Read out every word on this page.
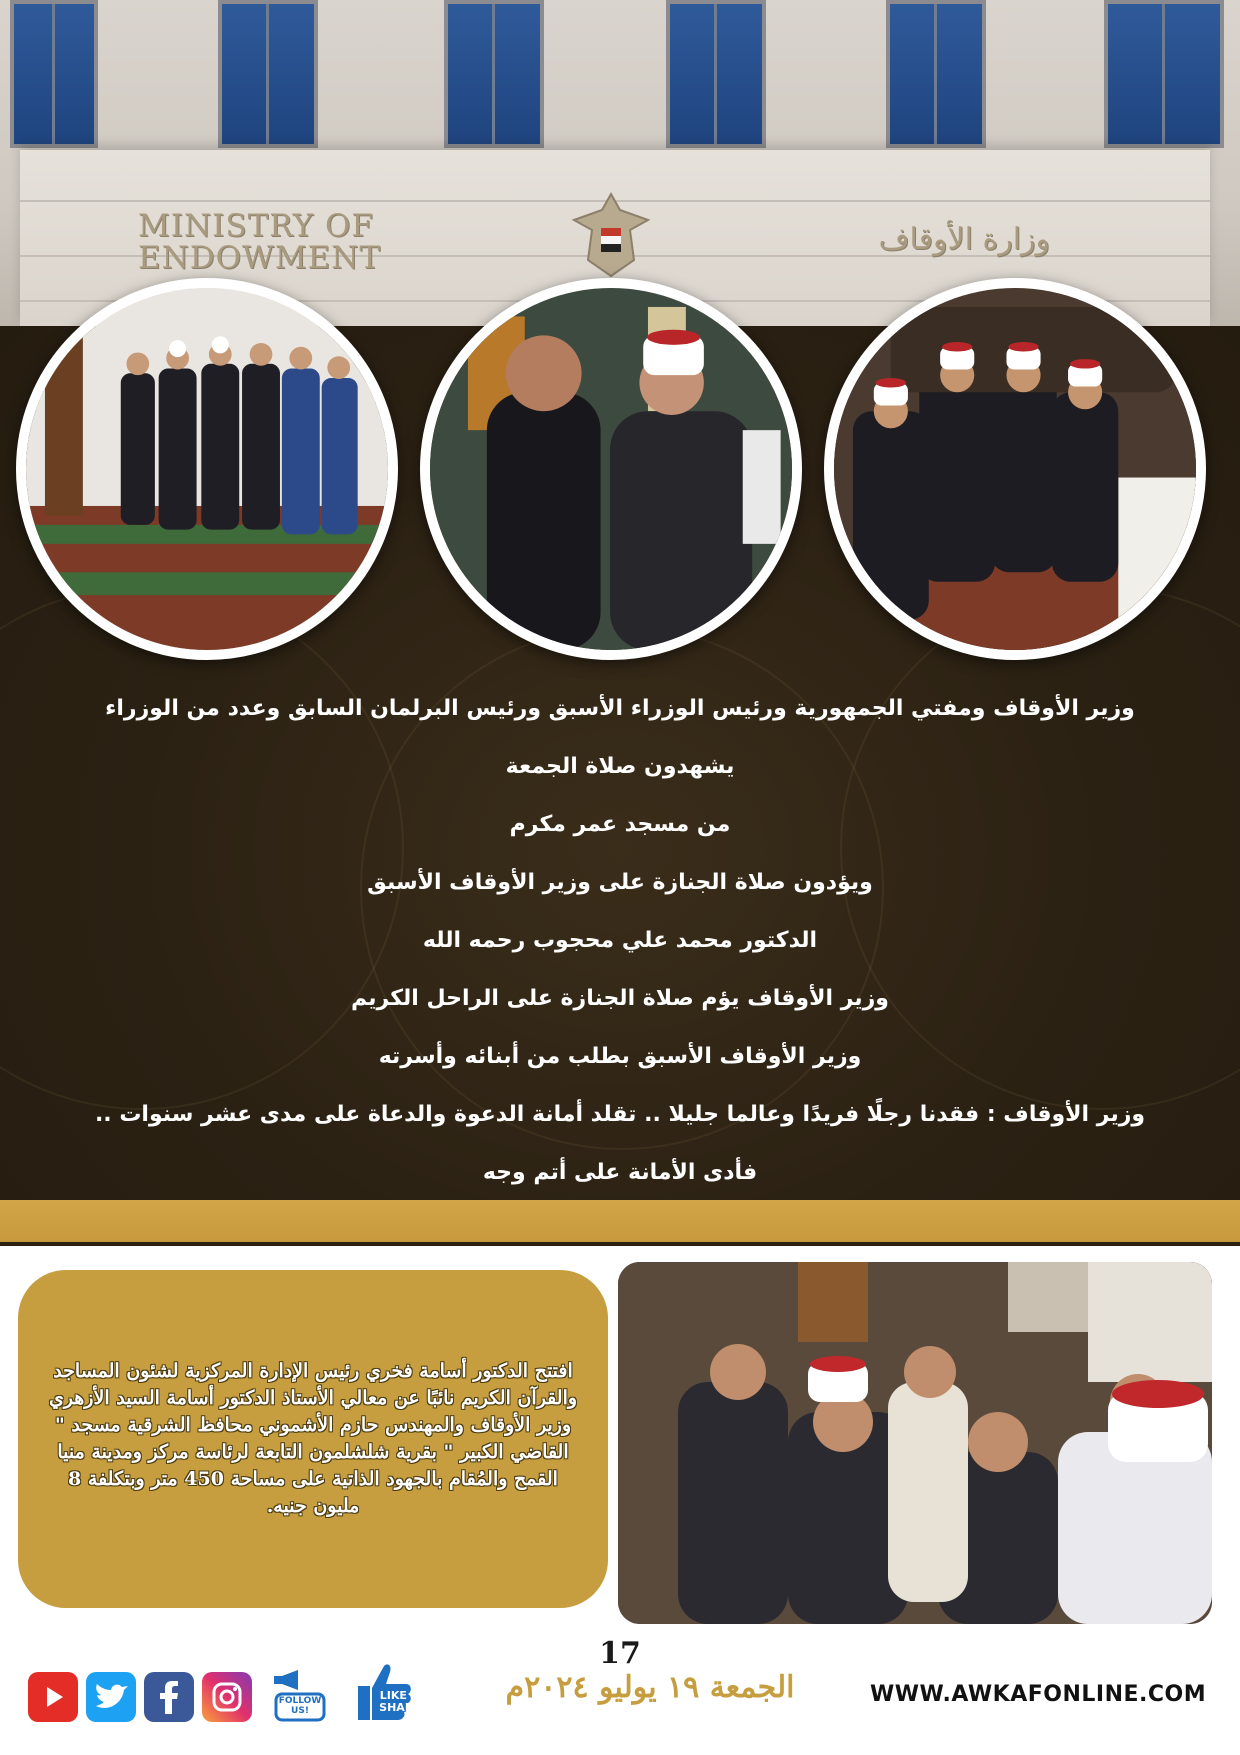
MINISTRY OF ENDOWMENT
وزارة الأوقاف
وزير الأوقاف ومفتي الجمهورية ورئيس الوزراء الأسبق ورئيس البرلمان السابق وعدد من الوزراء
يشهدون صلاة الجمعة
من مسجد عمر مكرم
ويؤدون صلاة الجنازة على وزير الأوقاف الأسبق
الدكتور محمد علي محجوب رحمه الله
وزير الأوقاف يؤم صلاة الجنازة على الراحل الكريم
وزير الأوقاف الأسبق بطلب من أبنائه وأسرته
وزير الأوقاف : فقدنا رجلًا فريدًا وعالما جليلا .. تقلد أمانة الدعوة والدعاة على مدى عشر سنوات ..
فأدى الأمانة على أتم وجه
افتتح الدكتور أسامة فخري رئيس الإدارة المركزية لشئون المساجد والقرآن الكريم نائبًا عن معالي الأستاذ الدكتور أسامة السيد الأزهري وزير الأوقاف والمهندس حازم الأشموني محافظ الشرقية مسجد " القاضي الكبير " بقرية شلشلمون التابعة لرئاسة مركز ومدينة منيا القمح والمُقام بالجهود الذاتية على مساحة 450 متر وبتكلفة 8 مليون جنيه.
FOLLOW US!
LIKE & SHARE
17
الجمعة ١٩ يوليو ٢٠٢٤م	WWW.AWKAFONLINE.COM
